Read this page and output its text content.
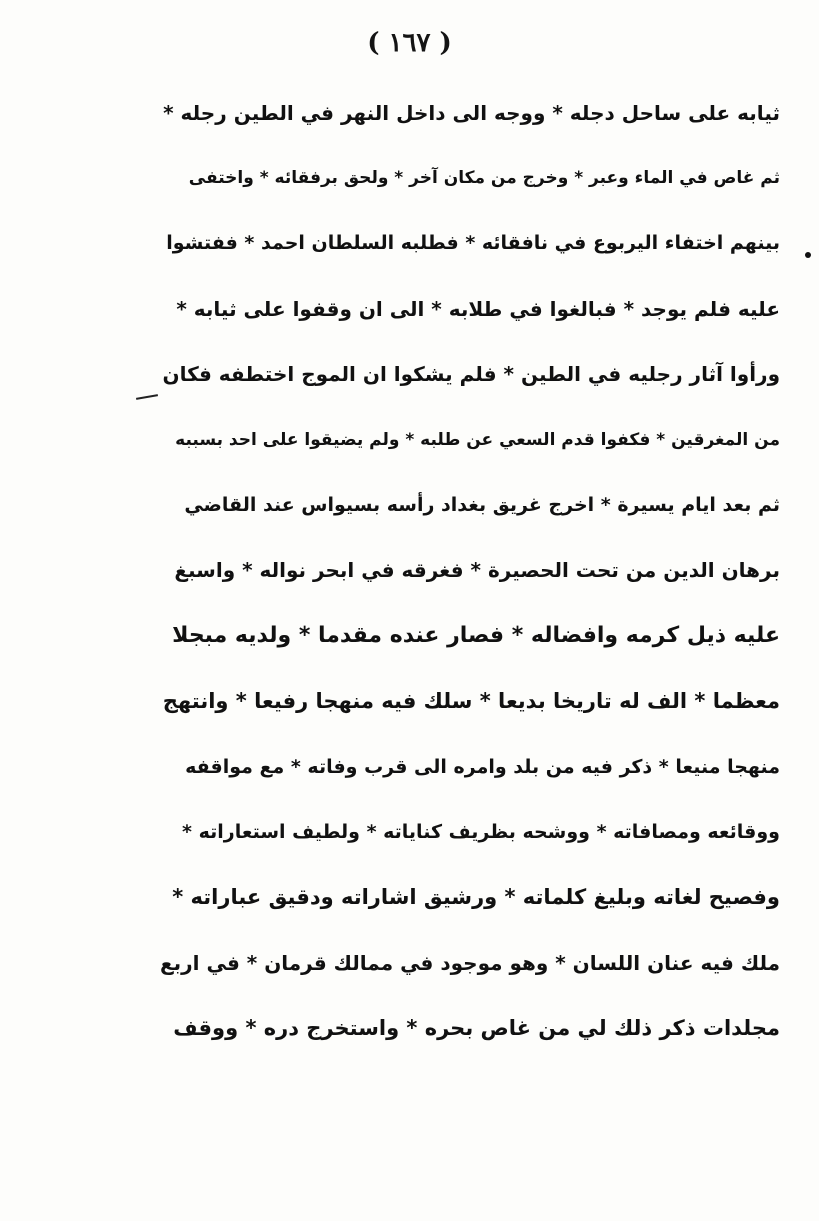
( ١٦٧ )
ثيابه على ساحل دجله * ووجه الى داخل النهر في الطين رجله *
ثم غاص في الماء وعبر * وخرج من مكان آخر * ولحق برفقائه * واختفى
بينهم اختفاء اليربوع في نافقائه * فطلبه السلطان احمد * ففتشوا
عليه فلم يوجد * فبالغوا في طلابه * الى ان وقفوا على ثيابه *
ورأوا آثار رجليه في الطين * فلم يشكوا ان الموج اختطفه فكان
من المغرقين * فكفوا قدم السعي عن طلبه * ولم يضيقوا على احد بسببه
ثم بعد ايام يسيرة * اخرج غريق بغداد رأسه بسيواس عند القاضي
برهان الدين من تحت الحصيرة * فغرقه في ابحر نواله * واسبغ
عليه ذيل كرمه وافضاله * فصار عنده مقدما * ولديه مبجلا
معظما * الف له تاريخا بديعا * سلك فيه منهجا رفيعا * وانتهج
منهجا منيعا * ذكر فيه من بلد وامره الى قرب وفاته * مع مواقفه
ووقائعه ومصافاته * ووشحه بظريف كناياته * ولطيف استعاراته *
وفصيح لغاته وبليغ كلماته * ورشيق اشاراته ودقيق عباراته *
ملك فيه عنان اللسان * وهو موجود في ممالك قرمان * في اربع
مجلدات ذكر ذلك لي من غاص بحره * واستخرج دره * ووقف
